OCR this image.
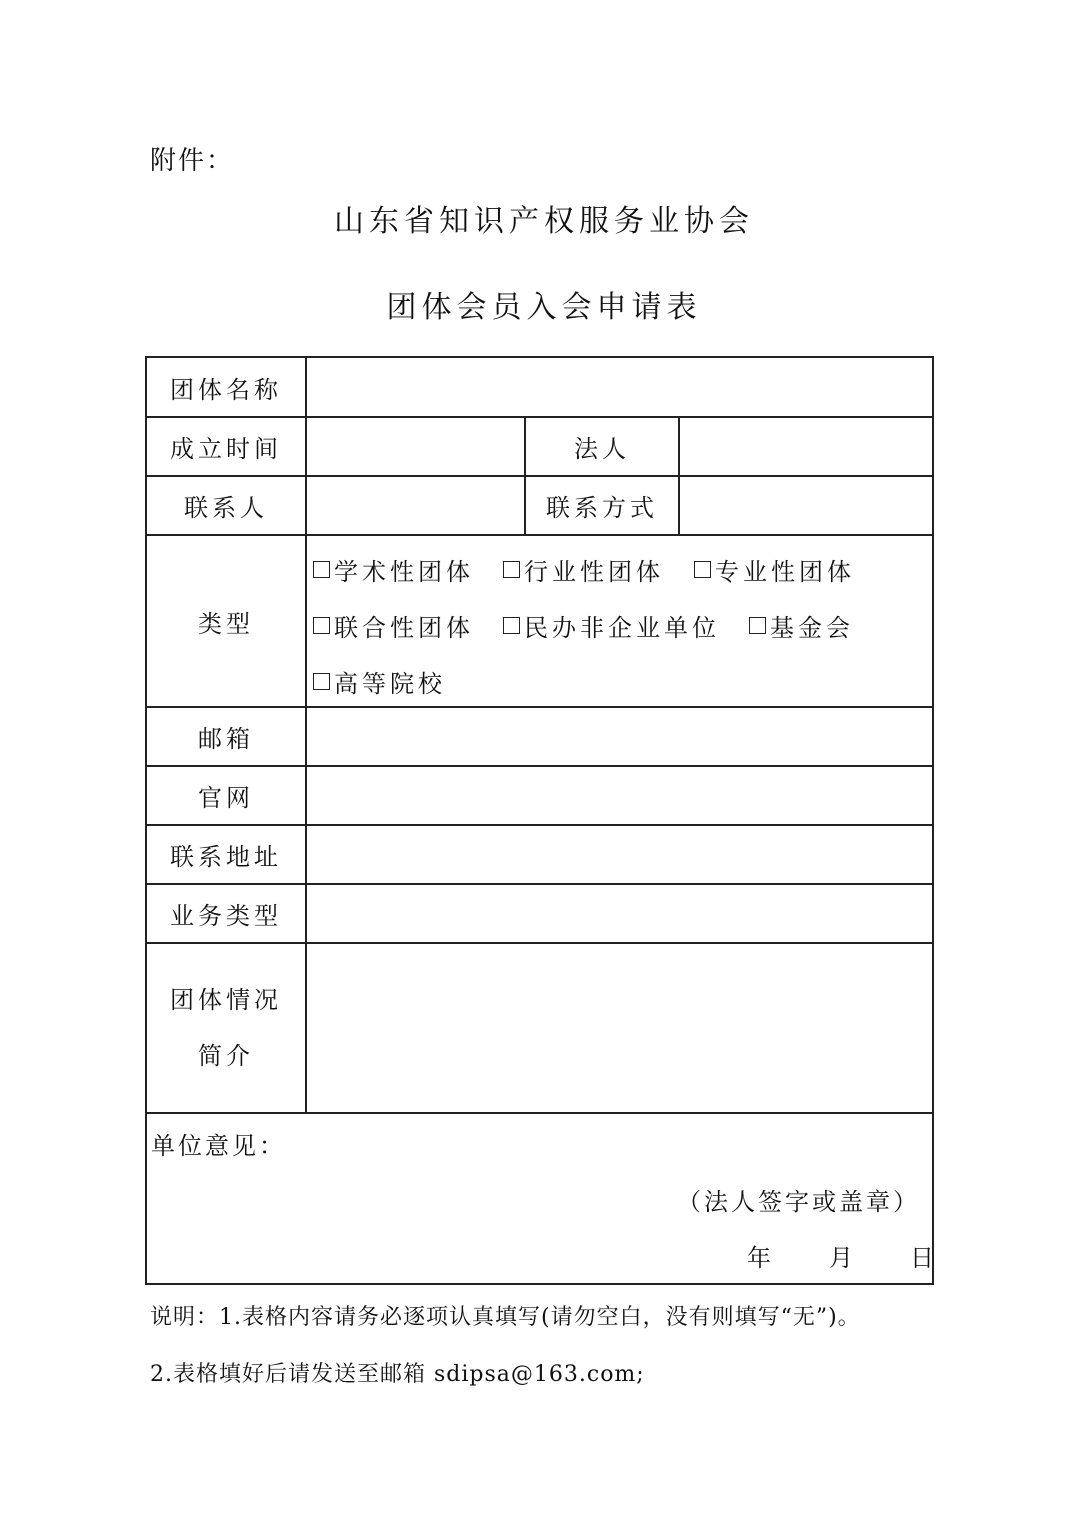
附件：
山东省知识产权服务业协会
团体会员入会申请表
团体名称
成立时间	法人
联系人	联系方式
类型
学术性团体 行业性团体 专业性团体
联合性团体 民办非企业单位 基金会
高等院校
邮箱
官网
联系地址
业务类型
团体情况
简介
单位意见：
（法人签字或盖章）
年 月 日
说明：1.表格内容请务必逐项认真填写(请勿空白，没有则填写“无”)。
2.表格填好后请发送至邮箱 sdipsa@163.com;
